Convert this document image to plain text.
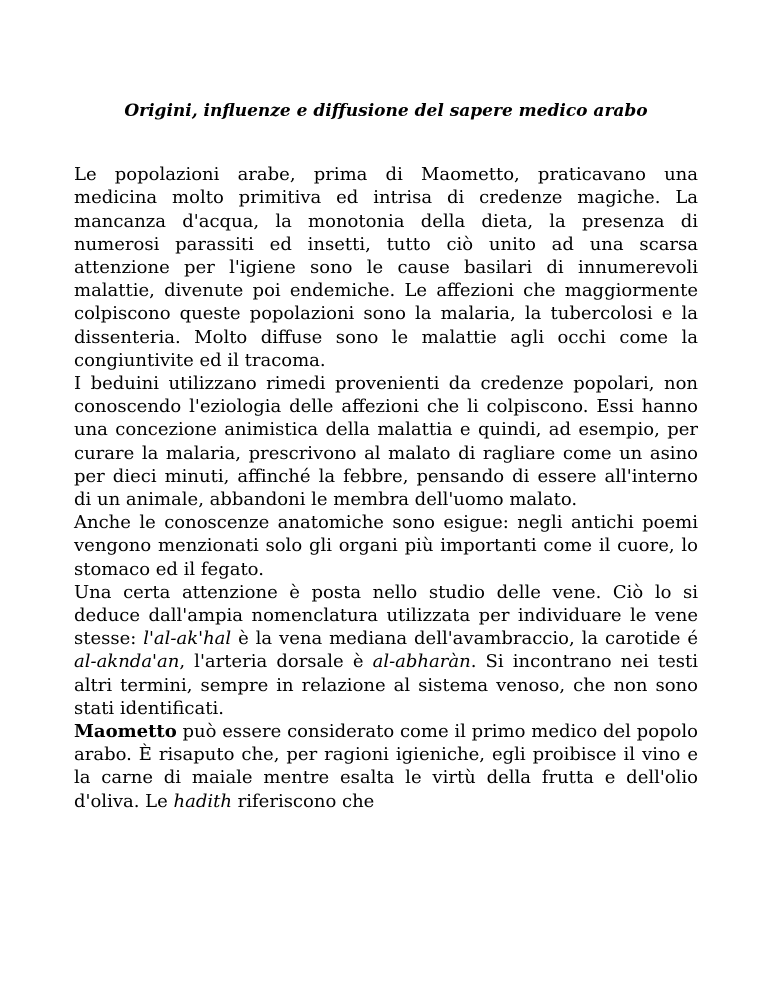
Origini, influenze e diffusione del sapere medico arabo

Le popolazioni arabe, prima di Maometto, praticavano una medicina molto primitiva ed intrisa di credenze magiche. La mancanza d'acqua, la monotonia della dieta, la presenza di numerosi parassiti ed insetti, tutto ciò unito ad una scarsa attenzione per l'igiene sono le cause basilari di innumerevoli malattie, divenute poi endemiche. Le affezioni che maggiormente colpiscono queste popolazioni sono la malaria, la tubercolosi e la dissenteria. Molto diffuse sono le malattie agli occhi come la congiuntivite ed il tracoma.

I beduini utilizzano rimedi provenienti da credenze popolari, non conoscendo l'eziologia delle affezioni che li colpiscono. Essi hanno una concezione animistica della malattia e quindi, ad esempio, per curare la malaria, prescrivono al malato di ragliare come un asino per dieci minuti, affinché la febbre, pensando di essere all'interno di un animale, abbandoni le membra dell'uomo malato.

Anche le conoscenze anatomiche sono esigue: negli antichi poemi vengono menzionati solo gli organi più importanti come il cuore, lo stomaco ed il fegato.

Una certa attenzione è posta nello studio delle vene. Ciò lo si deduce dall'ampia nomenclatura utilizzata per individuare le vene stesse: l'al-ak'hal è la vena mediana dell'avambraccio, la carotide é al-aknda'an, l'arteria dorsale è al-abharàn. Si incontrano nei testi altri termini, sempre in relazione al sistema venoso, che non sono stati identificati.

Maometto può essere considerato come il primo medico del popolo arabo. È risaputo che, per ragioni igieniche, egli proibisce il vino e la carne di maiale mentre esalta le virtù della frutta e dell'olio d'oliva. Le hadith riferiscono che
